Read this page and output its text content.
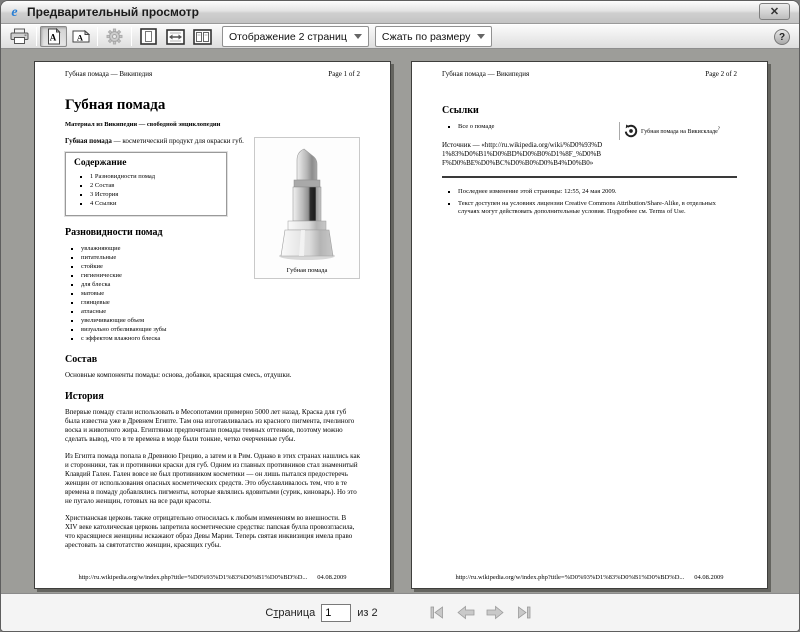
e Предварительный просмотр	✕
A A	Отображение 2 страниц	Сжать по размеру	?
Губная помада — Википедия	Page 1 of 2
Губная помада
Материал из Википедии — свободной энциклопедии
Губная помада
Губная помада — косметический продукт для окраски губ.
Содержание
▪ 1 Разновидности помад
▪ 2 Состав
▪ 3 История
▪ 4 Ссылки
Разновидности помад
▪ увлажняющие
▪ питательные
▪ стойкие
▪ гигиенические
▪ для блеска
▪ матовые
▪ глянцевые
▪ атласные
▪ увеличивающие объем
▪ визуально отбеливающие зубы
▪ с эффектом влажного блеска
Состав
Основные компоненты помады: основа, добавки, красящая смесь, отдушки.
История
Впервые помаду стали использовать в Месопотамии примерно 5000 лет назад. Краска для губ была известна уже в Древнем Египте. Там она изготавливалась из красного пигмента, пчелиного воска и животного жира. Египтянки предпочитали помады темных оттенков, поэтому можно сделать вывод, что в те времена в моде были тонкие, четко очерченные губы.
Из Египта помада попала в Древнюю Грецию, а затем и в Рим. Однако в этих странах нашлись как и сторонники, так и противники краски для губ. Одним из главных противников стал знаменитый Клавдий Гален. Гален вовсе не был противником косметики — он лишь пытался предостеречь женщин от использования опасных косметических средств. Это обуславливалось тем, что в те времена в помаду добавлялись пигменты, которые являлись ядовитыми (сурик, киноварь). Но это не пугало женщин, готовых на все ради красоты.
Христианская церковь также отрицательно относилась к любым изменениям во внешности. В XIV веке католическая церковь запретила косметические средства: папская булла провозгласила, что красящиеся женщины искажают образ Девы Марии. Теперь святая инквизиция имела право арестовать за святотатство женщин, красящих губы.
http://ru.wikipedia.org/w/index.php?title=%D0%93%D1%83%D0%B1%D0%BD%D... 04.08.2009
Губная помада — Википедия	Page 2 of 2
Ссылки
Губная помада на Викискладе?
▪ Все о помаде
Источник — «http://ru.wikipedia.org/wiki/%D0%93%D1%83%D0%B1%D0%BD%D0%B0%D1%8F_%D0%BF%D0%BE%D0%BC%D0%B0%D0%B4%D0%B0»
▪ Последнее изменение этой страницы: 12:55, 24 мая 2009.
▪ Текст доступен на условиях лицензии Creative Commons Attribution/Share-Alike, в отдельных случаях могут действовать дополнительные условия. Подробнее см. Terms of Use.
http://ru.wikipedia.org/w/index.php?title=%D0%93%D1%83%D0%B1%D0%BD%D... 04.08.2009
Страница
1	из 2
